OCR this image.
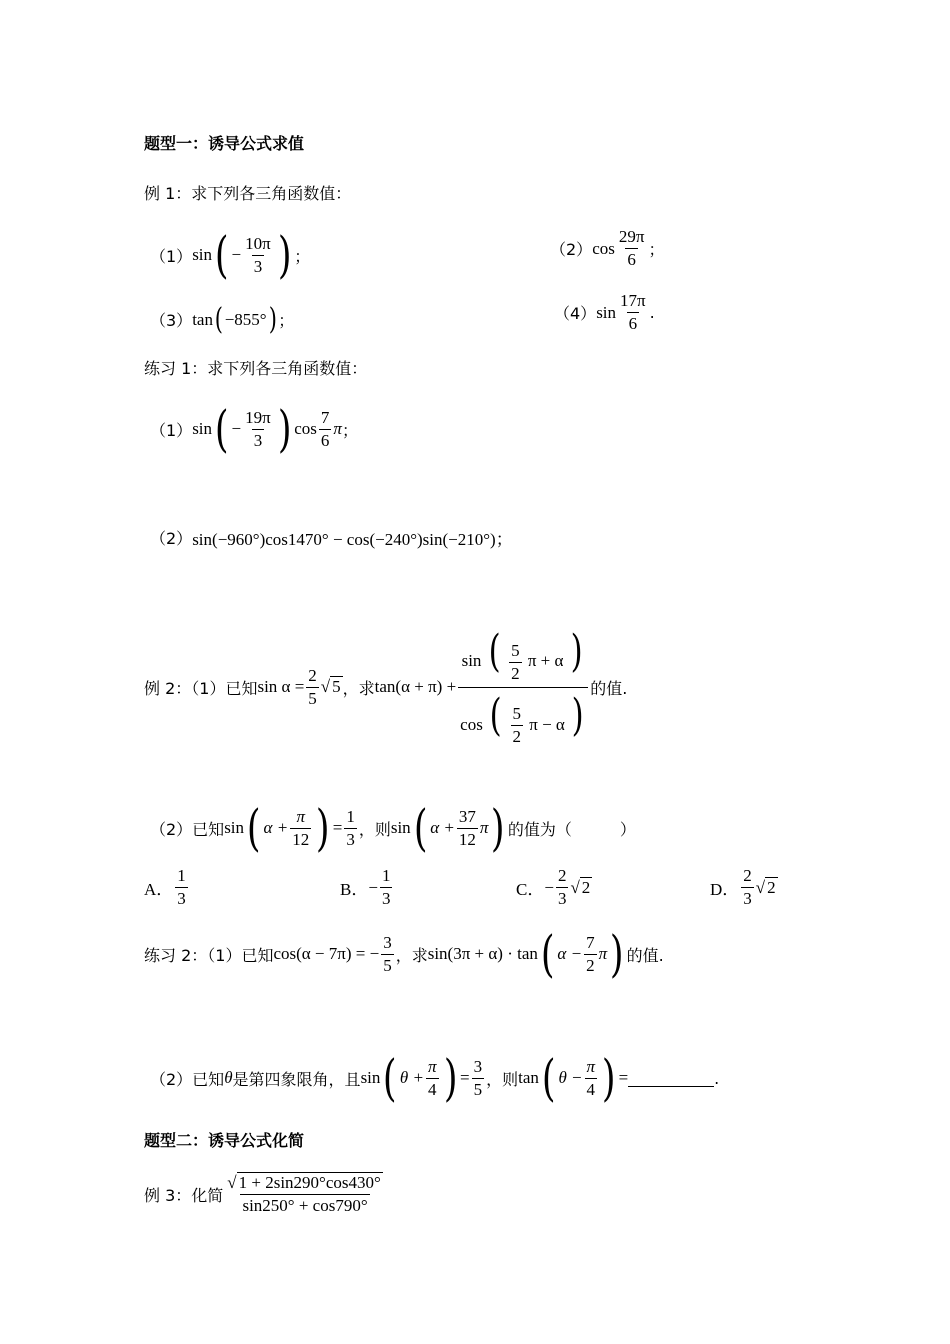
题型一：诱导公式求值
例 1：求下列各三角函数值：
（1） sin ( − $\frac{10\pi}{3}$ ) ；	（2） $\cos \frac{29\pi}{6}$ ；
（3） tan ( −855° ) ；	（4） $\sin \frac{17\pi}{6}$ .
练习 1：求下列各三角函数值：
（1） sin ( − $\frac{19\pi}{3}$ ) $\cos \frac{7}{6}$ π ；
（2） sin(−960°)cos1470° − cos(−240°)sin(−210°)；
例 2：（1）已知 $\sin \alpha = \frac{2}{5}$ √ 5 ，求 $\tan(\alpha + \pi) + \frac{\sin ( \frac{5}{2} \pi + \alpha )}{\cos ( \frac{5}{2} \pi - \alpha )}$ 的值.
（2）已知 sin ( $\alpha + \frac{\pi}{12}$ ) = $\frac{1}{3}$ ，则 sin ( $\alpha + \frac{37}{12}$ π ) 的值为（　　　）
A． $\frac{1}{3}$	B． − $\frac{1}{3}$	C． − $\frac{2}{3}$ √ 2	D． $\frac{2}{3}$ √ 2
练习 2：（1）已知 cos(α − 7π) = − $\frac{3}{5}$ ，求 sin(3π + α) · tan ( $\alpha - \frac{7}{2}$ π ) 的值.
（2）已知 θ 是第四象限角，且 sin ( $\theta + \frac{\pi}{4}$ ) = $\frac{3}{5}$ ，则 tan ( $\theta - \frac{\pi}{4}$ ) =	.
题型二：诱导公式化简
例 3：化简 $\frac{√ 1 + 2\sin 290^\circ\cos 430^\circ}{\sin 250^\circ + \cos 790^\circ}$
